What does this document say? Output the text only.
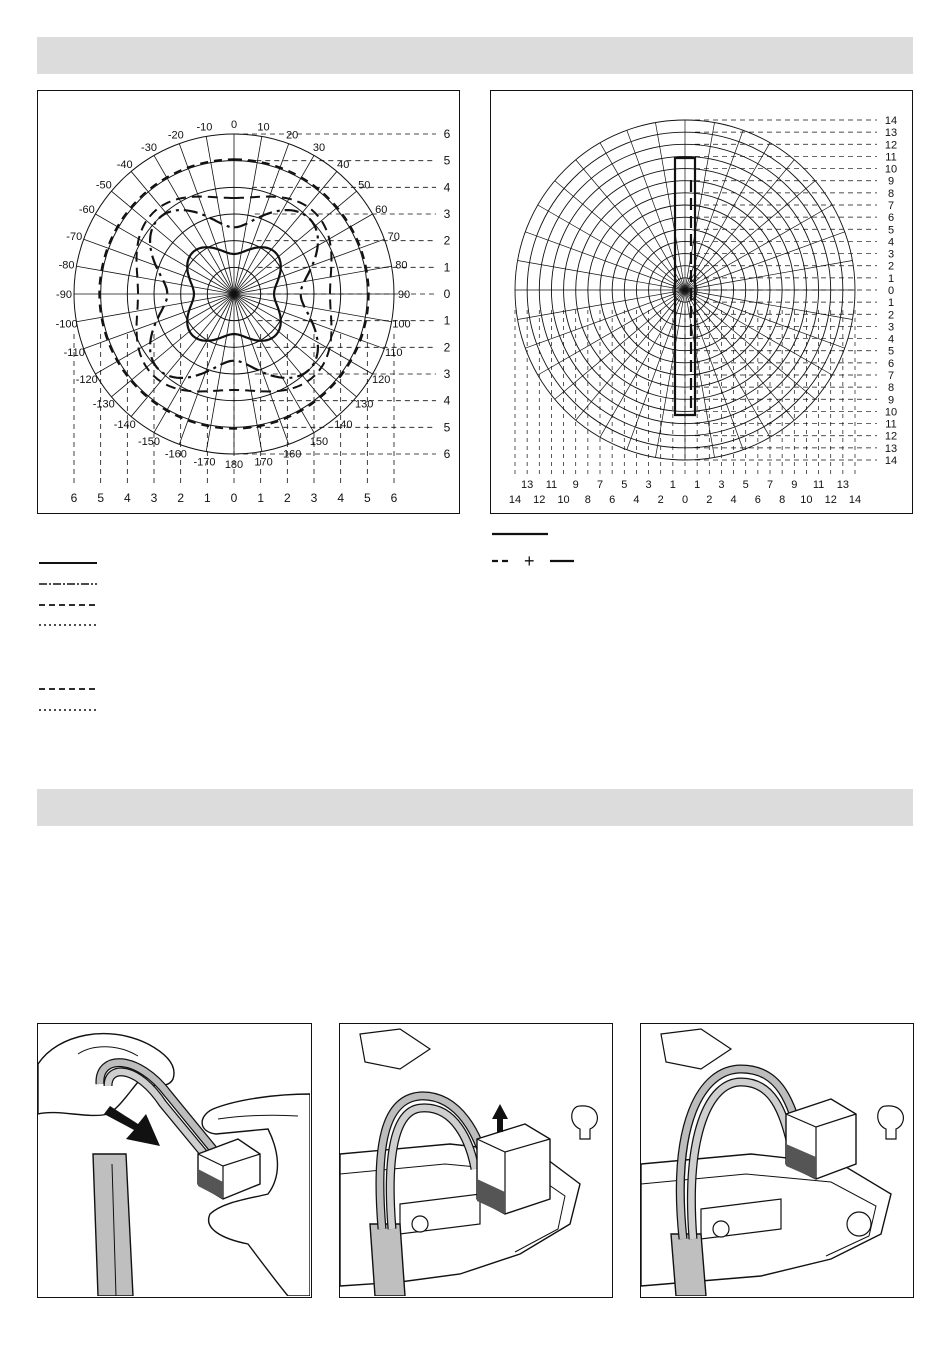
0 10
20
30
40
50
60
70
80
90
100
110
120
130
140
150
160
170
180
-170
-160
-150
-140
-130
-120
-110
-100
-90
-80
-70
-60
-50
-40
-30
-20
-10	6
5
4
3
2
1
0
1
2
3
4
5
6
6 5 4 3 2 1 0 1 2 3 4 5 6
14
13
12
11
10
9
8
7
6
5
4
3
2
1
0
1
2
3
4
5
6
7
8
9
10
11
12
13
14
13 11 9 7 5 3 1 1 3 5 7 9 11 13
14 12 10 8 6 4 2 0 2 4 6 8 10 12 14
+
